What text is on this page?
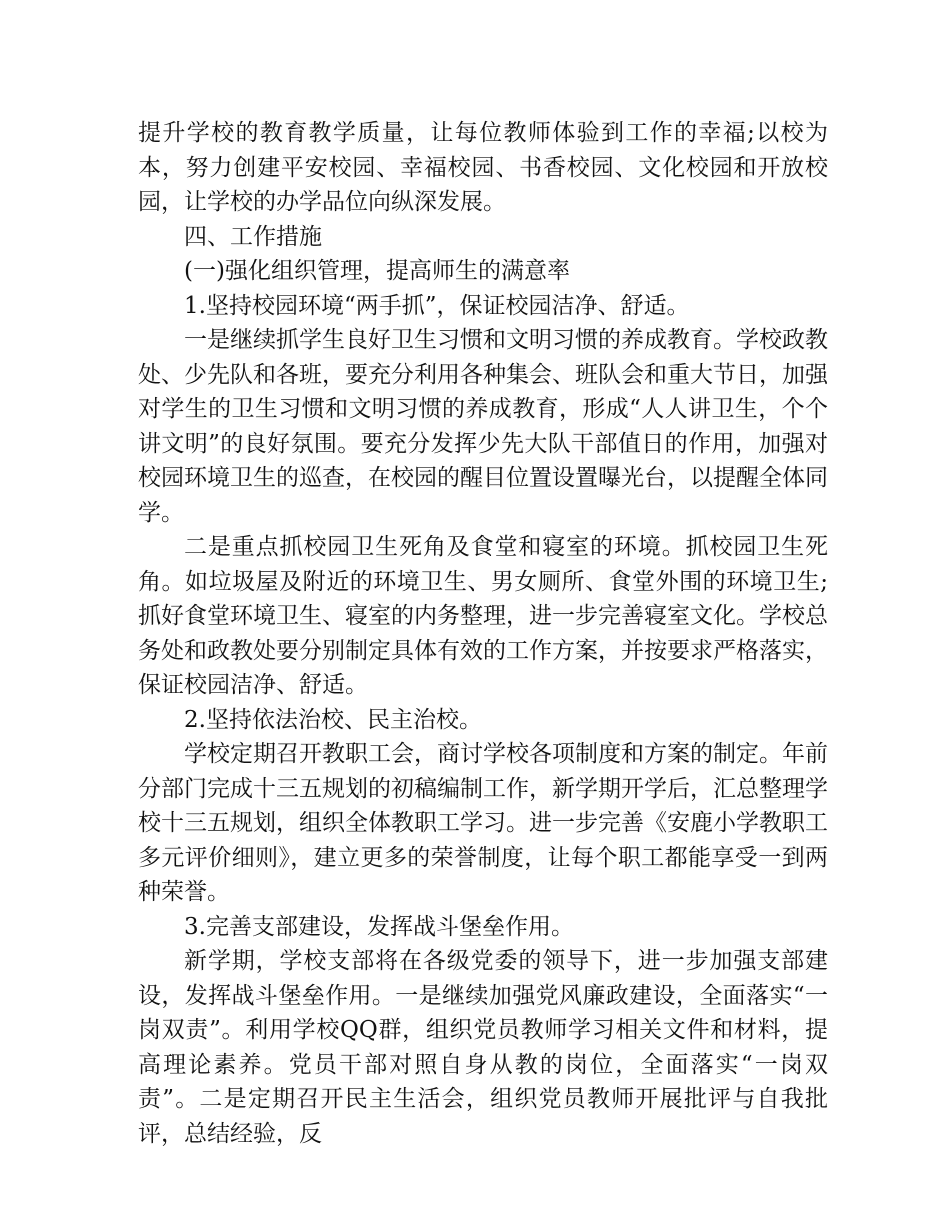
提升学校的教育教学质量，让每位教师体验到工作的幸福;以校为本，努力创建平安校园、幸福校园、书香校园、文化校园和开放校园，让学校的办学品位向纵深发展。

四、工作措施

(一)强化组织管理，提高师生的满意率

1.坚持校园环境“两手抓”，保证校园洁净、舒适。

一是继续抓学生良好卫生习惯和文明习惯的养成教育。学校政教处、少先队和各班，要充分利用各种集会、班队会和重大节日，加强对学生的卫生习惯和文明习惯的养成教育，形成“人人讲卫生，个个讲文明”的良好氛围。要充分发挥少先大队干部值日的作用，加强对校园环境卫生的巡查，在校园的醒目位置设置曝光台，以提醒全体同学。

二是重点抓校园卫生死角及食堂和寝室的环境。抓校园卫生死角。如垃圾屋及附近的环境卫生、男女厕所、食堂外围的环境卫生;抓好食堂环境卫生、寝室的内务整理，进一步完善寝室文化。学校总务处和政教处要分别制定具体有效的工作方案，并按要求严格落实，保证校园洁净、舒适。

2.坚持依法治校、民主治校。

学校定期召开教职工会，商讨学校各项制度和方案的制定。年前分部门完成十三五规划的初稿编制工作，新学期开学后，汇总整理学校十三五规划，组织全体教职工学习。进一步完善《安鹿小学教职工多元评价细则》，建立更多的荣誉制度，让每个职工都能享受一到两种荣誉。

3.完善支部建设，发挥战斗堡垒作用。

新学期，学校支部将在各级党委的领导下，进一步加强支部建设，发挥战斗堡垒作用。一是继续加强党风廉政建设，全面落实“一岗双责”。利用学校QQ群，组织党员教师学习相关文件和材料，提高理论素养。党员干部对照自身从教的岗位，全面落实“一岗双责”。二是定期召开民主生活会，组织党员教师开展批评与自我批评，总结经验，反
